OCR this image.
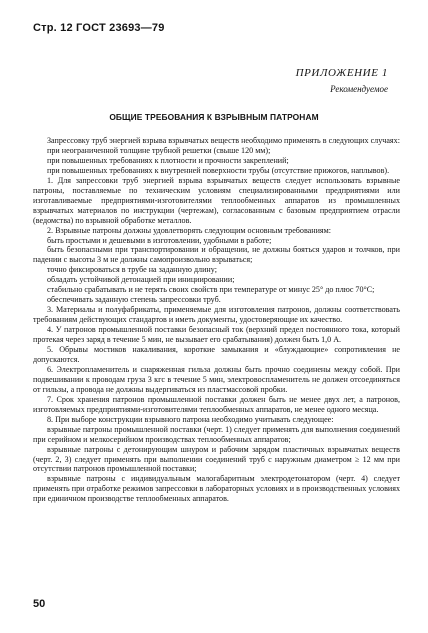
Стр. 12 ГОСТ 23693—79
ПРИЛОЖЕНИЕ 1
Рекомендуемое
ОБЩИЕ ТРЕБОВАНИЯ К ВЗРЫВНЫМ ПАТРОНАМ

Запрессовку труб энергией взрыва взрывчатых веществ необходимо применять в следующих случаях:

при неограниченной толщине трубной решетки (свыше 120 мм);

при повышенных требованиях к плотности и прочности закреплений;

при повышенных требованиях к внутренней поверхности трубы (отсутствие прижогов, наплывов).

1. Для запрессовки труб энергией взрыва взрывчатых веществ следует использовать взрывные патроны, поставляемые по техническим условиям специализированными предприятиями или изготавливаемые предприятиями-изготовителями теплообменных аппаратов из промышленных взрывчатых материалов по инструкции (чертежам), согласованным с базовым предприятием отрасли (ведомства) по взрывной обработке металлов.

2. Взрывные патроны должны удовлетворять следующим основным требованиям:

быть простыми и дешевыми в изготовлении, удобными в работе;

быть безопасными при транспортировании и обращении, не должны бояться ударов и толчков, при падении с высоты 3 м не должны самопроизвольно взрываться;

точно фиксироваться в трубе на заданную длину;

обладать устойчивой детонацией при инициировании;

стабильно срабатывать и не терять своих свойств при температуре от минус 25° до плюс 70°С;

обеспечивать заданную степень запрессовки труб.

3. Материалы и полуфабрикаты, применяемые для изготовления патронов, должны соответствовать требованиям действующих стандартов и иметь документы, удостоверяющие их качество.

4. У патронов промышленной поставки безопасный ток (верхний предел постоянного тока, который протекая через заряд в течение 5 мин, не вызывает его срабатывания) должен быть 1,0 А.

5. Обрывы мостиков накаливания, короткие замыкания и «блуждающие» сопротивления не допускаются.

6. Электропламенитель и снаряженная гильза должны быть прочно соединены между собой. При подвешивании к проводам груза 3 кгс в течение 5 мин, электровоспламенитель не должен отсоединяться от гильзы, а провода не должны выдергиваться из пластмассовой пробки.

7. Срок хранения патронов промышленной поставки должен быть не менее двух лет, а патронов, изготовляемых предприятиями-изготовителями теплообменных аппаратов, не менее одного месяца.

8. При выборе конструкции взрывного патрона необходимо учитывать следующее:

взрывные патроны промышленной поставки (черт. 1) следует применять для выполнения соединений при серийном и мелкосерийном производствах теплообменных аппаратов;

взрывные патроны с детонирующим шнуром и рабочим зарядом пластичных взрывчатых веществ (черт. 2, 3) следует применять при выполнении соединений труб с наружным диаметром ≥ 12 мм при отсутствии патронов промышленной поставки;

взрывные патроны с индивидуальным малогабаритным электродетонатором (черт. 4) следует применять при отработке режимов запрессовки в лабораторных условиях и в производственных условиях при единичном производстве теплообменных аппаратов.

50
